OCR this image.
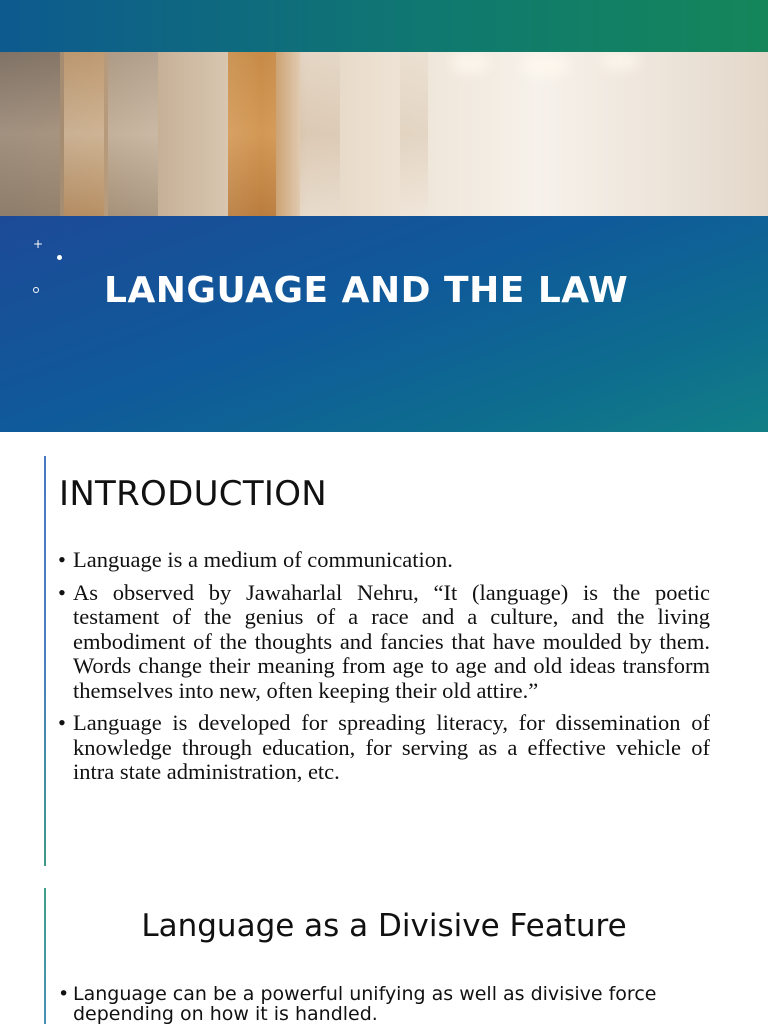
+
LANGUAGE AND THE LAW
INTRODUCTION
• Language is a medium of communication.
• As observed by Jawaharlal Nehru, “It (language) is the poetic testament of the genius of a race and a culture, and the living embodiment of the thoughts and fancies that have moulded by them. Words change their meaning from age to age and old ideas transform themselves into new, often keeping their old attire.”
• Language is developed for spreading literacy, for dissemination of knowledge through education, for serving as a effective vehicle of intra state administration, etc.
Language as a Divisive Feature
• Language can be a powerful unifying as well as divisive force depending on how it is handled.
